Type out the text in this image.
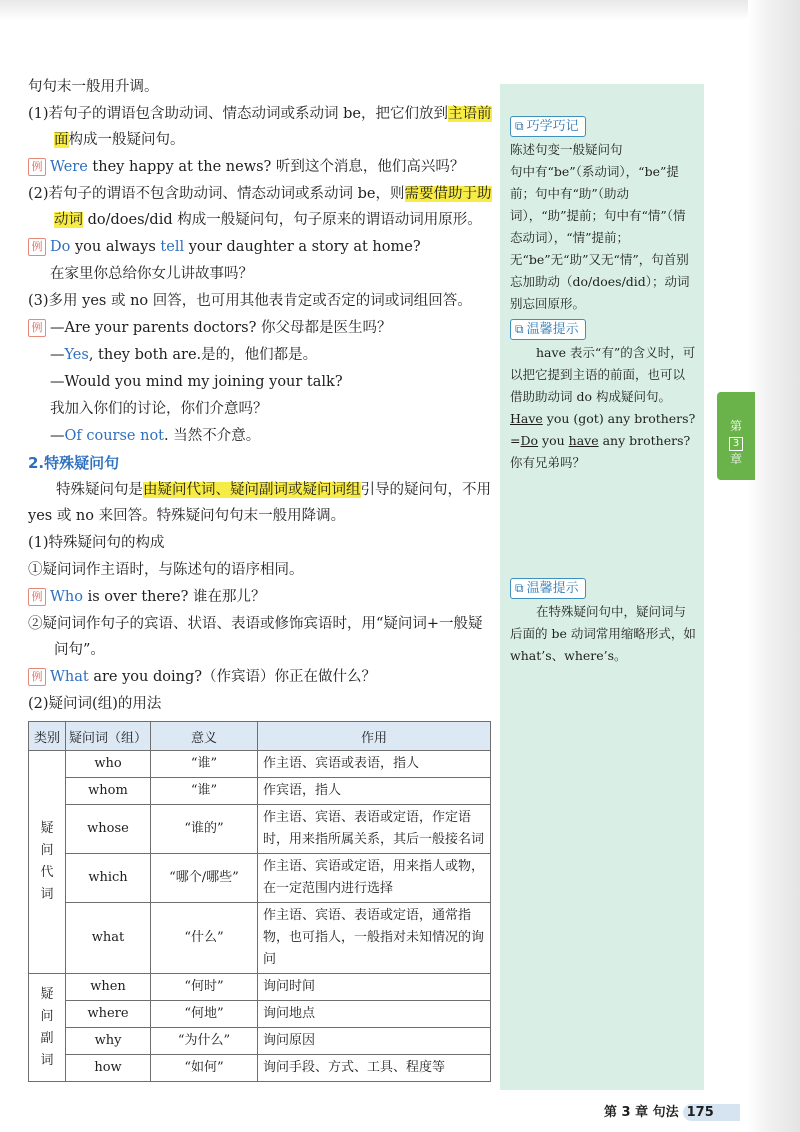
句句末一般用升调。
(1)若句子的谓语包含助动词、情态动词或系动词 be，把它们放到主语前面构成一般疑问句。
例 Were they happy at the news? 听到这个消息，他们高兴吗？
(2)若句子的谓语不包含助动词、情态动词或系动词 be，则需要借助于助动词 do/does/did 构成一般疑问句，句子原来的谓语动词用原形。
例 Do you always tell your daughter a story at home?
在家里你总给你女儿讲故事吗？
(3)多用 yes 或 no 回答，也可用其他表肯定或否定的词或词组回答。
例 —Are your parents doctors? 你父母都是医生吗？
—Yes, they both are.是的，他们都是。
—Would you mind my joining your talk?
我加入你们的讨论，你们介意吗？
—Of course not. 当然不介意。
2.特殊疑问句
特殊疑问句是由疑问代词、疑问副词或疑问词组引导的疑问句，不用 yes 或 no 来回答。特殊疑问句句末一般用降调。
(1)特殊疑问句的构成
①疑问词作主语时，与陈述句的语序相同。
例 Who is over there? 谁在那儿？
②疑问词作句子的宾语、状语、表语或修饰宾语时，用“疑问词+一般疑问句”。
例 What are you doing?（作宾语）你正在做什么？
(2)疑问词(组)的用法
类别	疑问词（组）	意义	作用
疑
问
代
词	who	“谁”	作主语、宾语或表语，指人
	whom	“谁”	作宾语，指人
	whose	“谁的”	作主语、宾语、表语或定语，作定语时，用来指所属关系，其后一般接名词
	which	“哪个/哪些”	作主语、宾语或定语，用来指人或物，在一定范围内进行选择
	what	“什么”	作主语、宾语、表语或定语，通常指物，也可指人，一般指对未知情况的询问
疑
问
副
词	when	“何时”	询问时间
	where	“何地”	询问地点
	why	“为什么”	询问原因
	how	“如何”	询问手段、方式、工具、程度等
⧉ 巧学巧记

陈述句变一般疑问句

句中有“be”（系动词），“be”提前；句中有“助”（助动词），“助”提前；句中有“情”（情态动词），“情”提前；无“be”无“助”又无“情”，句首别忘加助动（do/does/did）；动词别忘回原形。

⧉ 温馨提示

have 表示“有”的含义时，可以把它提到主语的前面，也可以借助助动词 do 构成疑问句。

Have you (got) any brothers?

=Do you have any brothers?

你有兄弟吗？

⧉ 温馨提示

在特殊疑问句中，疑问词与后面的 be 动词常用缩略形式，如 what’s、where’s。

第
3
章
第 3 章 句法 175
